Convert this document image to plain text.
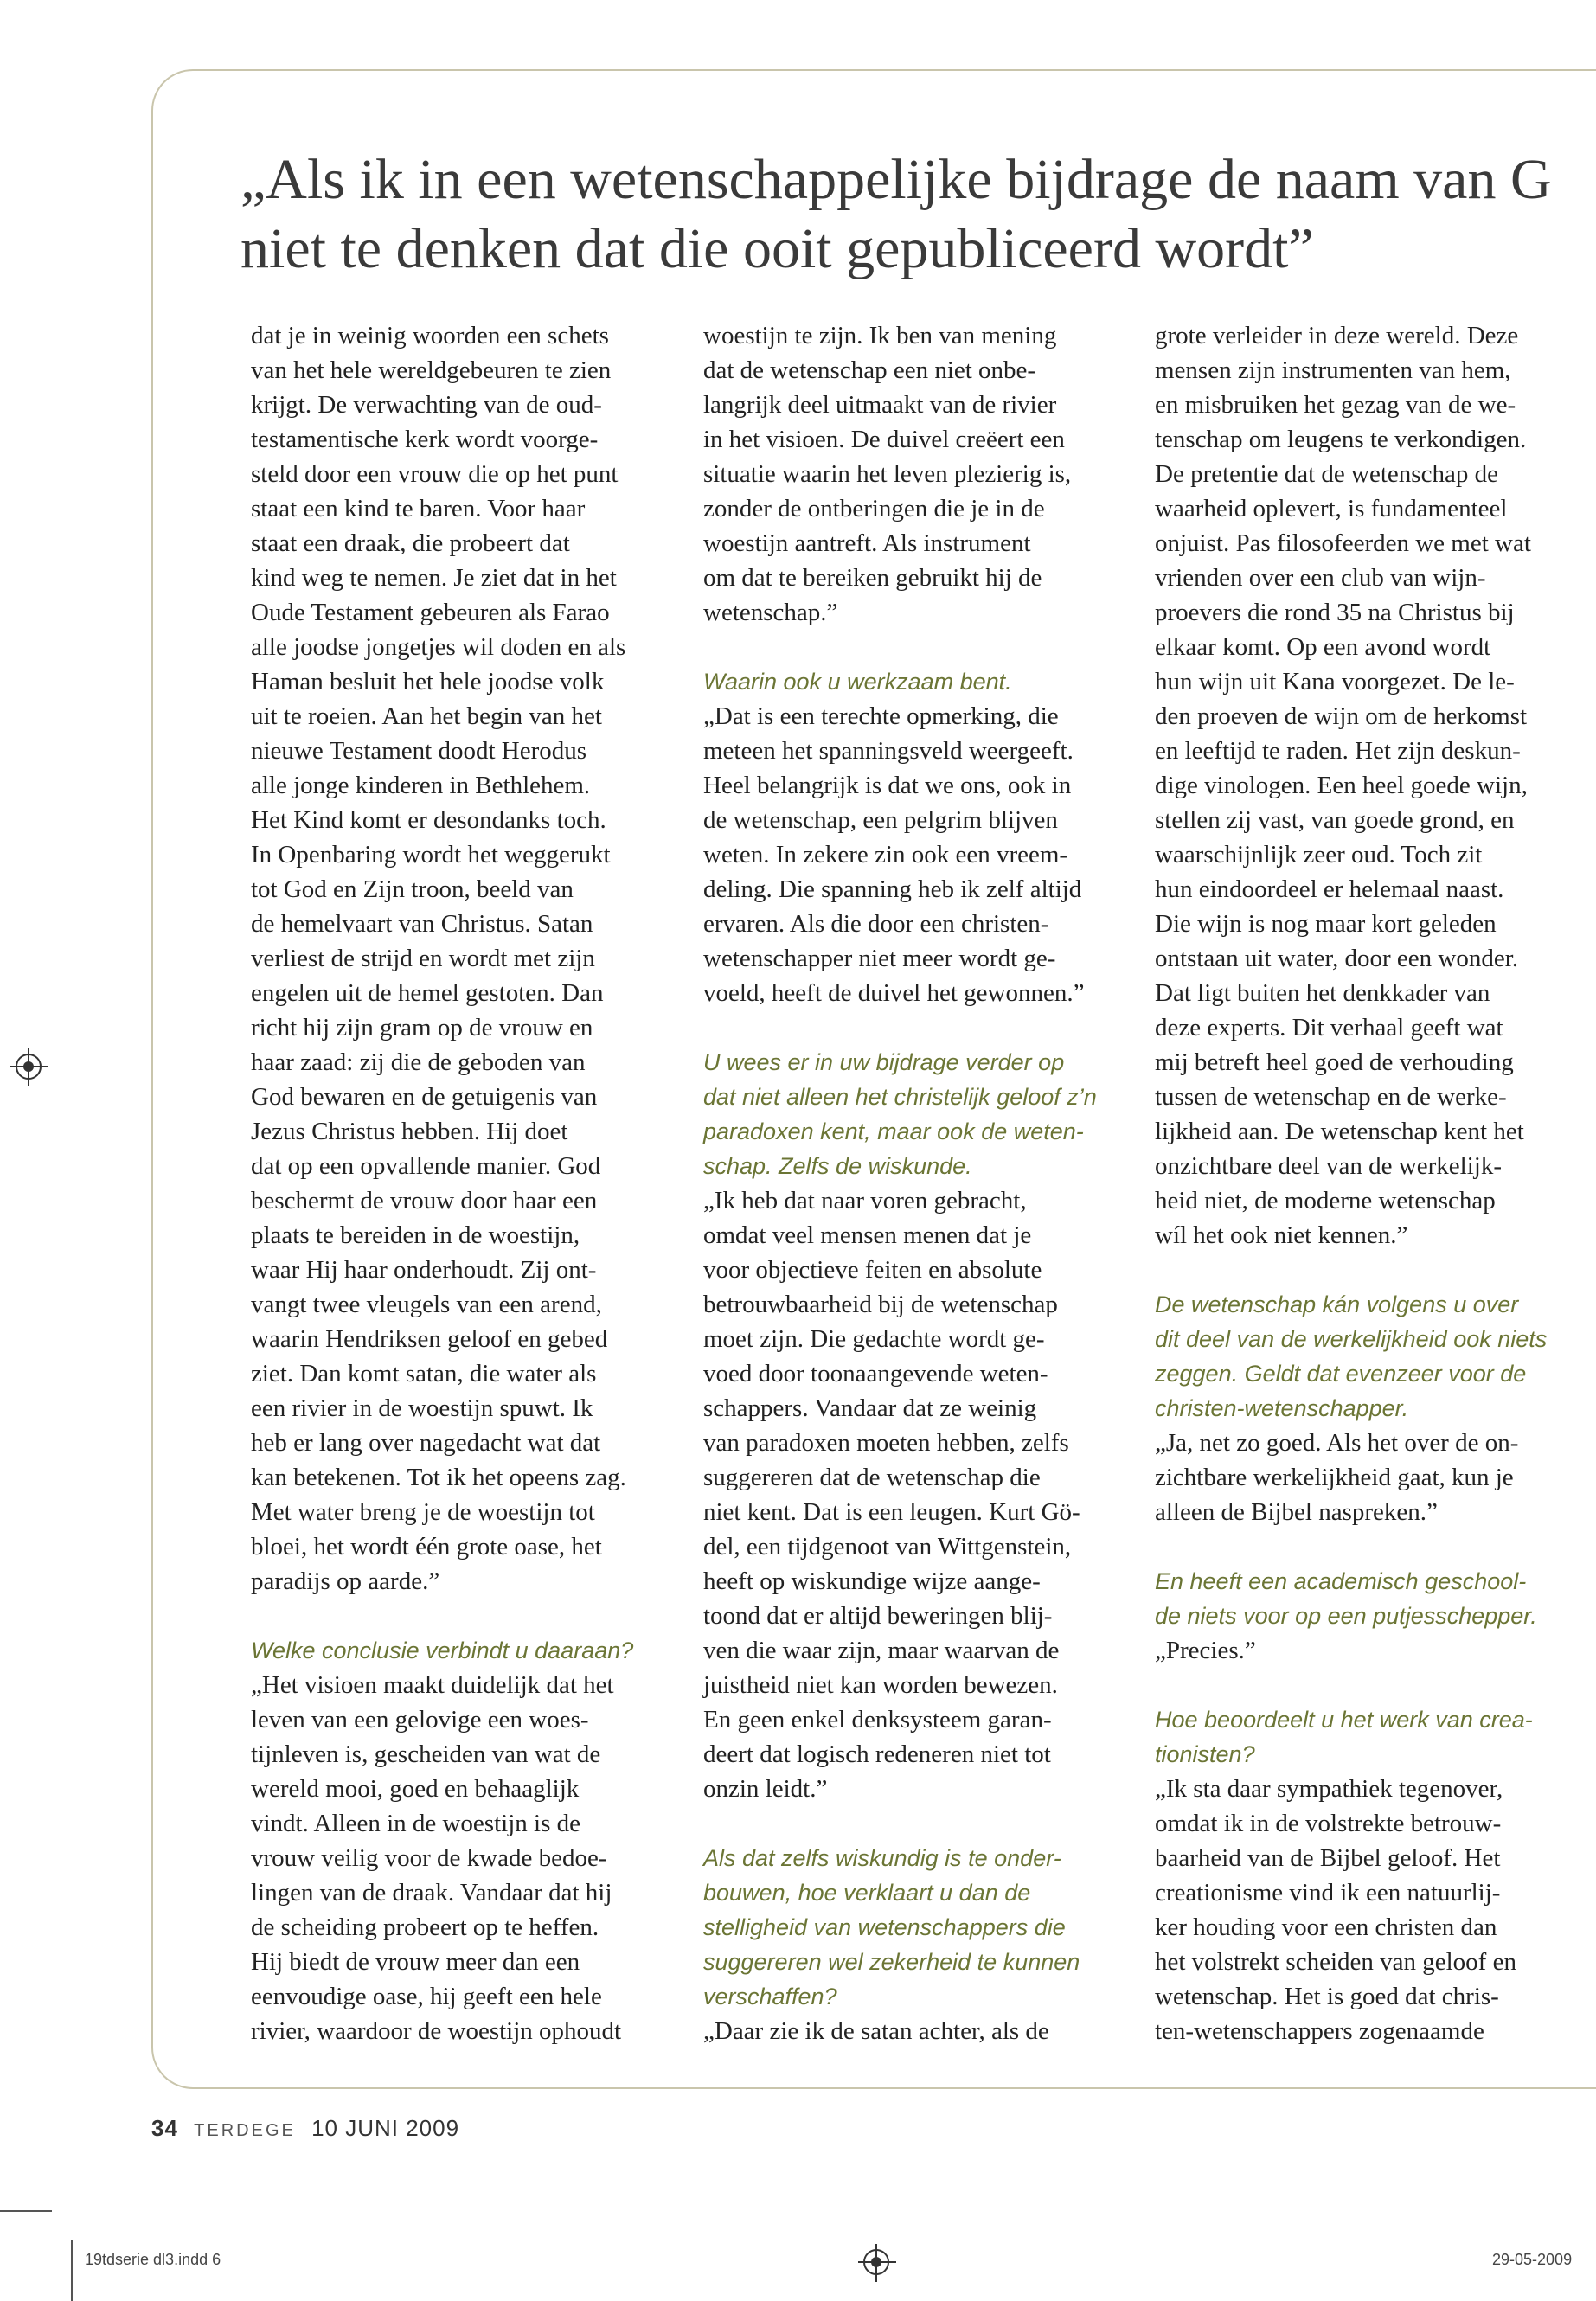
„Als ik in een wetenschappelijke bijdrage de naam van G
niet te denken dat die ooit gepubliceerd wordt”
dat je in weinig woorden een schets
van het hele wereldgebeuren te zien
krijgt. De verwachting van de oud-
testamentische kerk wordt voorge-
steld door een vrouw die op het punt
staat een kind te baren. Voor haar
staat een draak, die probeert dat
kind weg te nemen. Je ziet dat in het
Oude Testament gebeuren als Farao
alle joodse jongetjes wil doden en als
Haman besluit het hele joodse volk
uit te roeien. Aan het begin van het
nieuwe Testament doodt Herodus
alle jonge kinderen in Bethlehem.
Het Kind komt er desondanks toch.
In Openbaring wordt het weggerukt
tot God en Zijn troon, beeld van
de hemelvaart van Christus. Satan
verliest de strijd en wordt met zijn
engelen uit de hemel gestoten. Dan
richt hij zijn gram op de vrouw en
haar zaad: zij die de geboden van
God bewaren en de getuigenis van
Jezus Christus hebben. Hij doet
dat op een opvallende manier. God
beschermt de vrouw door haar een
plaats te bereiden in de woestijn,
waar Hij haar onderhoudt. Zij ont-
vangt twee vleugels van een arend,
waarin Hendriksen geloof en gebed
ziet. Dan komt satan, die water als
een rivier in de woestijn spuwt. Ik
heb er lang over nagedacht wat dat
kan betekenen. Tot ik het opeens zag.
Met water breng je de woestijn tot
bloei, het wordt één grote oase, het
paradijs op aarde.”
Welke conclusie verbindt u daaraan?
„Het visioen maakt duidelijk dat het
leven van een gelovige een woes-
tijnleven is, gescheiden van wat de
wereld mooi, goed en behaaglijk
vindt. Alleen in de woestijn is de
vrouw veilig voor de kwade bedoe-
lingen van de draak. Vandaar dat hij
de scheiding probeert op te heffen.
Hij biedt de vrouw meer dan een
eenvoudige oase, hij geeft een hele
rivier, waardoor de woestijn ophoudt
woestijn te zijn. Ik ben van mening
dat de wetenschap een niet onbe-
langrijk deel uitmaakt van de rivier
in het visioen. De duivel creëert een
situatie waarin het leven plezierig is,
zonder de ontberingen die je in de
woestijn aantreft. Als instrument
om dat te bereiken gebruikt hij de
wetenschap.”
Waarin ook u werkzaam bent.
„Dat is een terechte opmerking, die
meteen het spanningsveld weergeeft.
Heel belangrijk is dat we ons, ook in
de wetenschap, een pelgrim blijven
weten. In zekere zin ook een vreem-
deling. Die spanning heb ik zelf altijd
ervaren. Als die door een christen-
wetenschapper niet meer wordt ge-
voeld, heeft de duivel het gewonnen.”
U wees er in uw bijdrage verder op
dat niet alleen het christelijk geloof z’n
paradoxen kent, maar ook de weten-
schap. Zelfs de wiskunde.
„Ik heb dat naar voren gebracht,
omdat veel mensen menen dat je
voor objectieve feiten en absolute
betrouwbaarheid bij de wetenschap
moet zijn. Die gedachte wordt ge-
voed door toonaangevende weten-
schappers. Vandaar dat ze weinig
van paradoxen moeten hebben, zelfs
suggereren dat de wetenschap die
niet kent. Dat is een leugen. Kurt Gö-
del, een tijdgenoot van Wittgenstein,
heeft op wiskundige wijze aange-
toond dat er altijd beweringen blij-
ven die waar zijn, maar waarvan de
juistheid niet kan worden bewezen.
En geen enkel denksysteem garan-
deert dat logisch redeneren niet tot
onzin leidt.”
Als dat zelfs wiskundig is te onder-
bouwen, hoe verklaart u dan de
stelligheid van wetenschappers die
suggereren wel zekerheid te kunnen
verschaffen?
„Daar zie ik de satan achter, als de
grote verleider in deze wereld. Deze
mensen zijn instrumenten van hem,
en misbruiken het gezag van de we-
tenschap om leugens te verkondigen.
De pretentie dat de wetenschap de
waarheid oplevert, is fundamenteel
onjuist. Pas filosofeerden we met wat
vrienden over een club van wijn-
proevers die rond 35 na Christus bij
elkaar komt. Op een avond wordt
hun wijn uit Kana voorgezet. De le-
den proeven de wijn om de herkomst
en leeftijd te raden. Het zijn deskun-
dige vinologen. Een heel goede wijn,
stellen zij vast, van goede grond, en
waarschijnlijk zeer oud. Toch zit
hun eindoordeel er helemaal naast.
Die wijn is nog maar kort geleden
ontstaan uit water, door een wonder.
Dat ligt buiten het denkkader van
deze experts. Dit verhaal geeft wat
mij betreft heel goed de verhouding
tussen de wetenschap en de werke-
lijkheid aan. De wetenschap kent het
onzichtbare deel van de werkelijk-
heid niet, de moderne wetenschap
wíl het ook niet kennen.”
De wetenschap kán volgens u over
dit deel van de werkelijkheid ook niets
zeggen. Geldt dat evenzeer voor de
christen-wetenschapper.
„Ja, net zo goed. Als het over de on-
zichtbare werkelijkheid gaat, kun je
alleen de Bijbel naspreken.”
En heeft een academisch geschool-
de niets voor op een putjesschepper.
„Precies.”
Hoe beoordeelt u het werk van crea-
tionisten?
„Ik sta daar sympathiek tegenover,
omdat ik in de volstrekte betrouw-
baarheid van de Bijbel geloof. Het
creationisme vind ik een natuurlij-
ker houding voor een christen dan
het volstrekt scheiden van geloof en
wetenschap. Het is goed dat chris-
ten-wetenschappers zogenaamde
34 TERDEGE 10 JUNI 2009
19tdserie dl3.indd 6	29-05-2009
